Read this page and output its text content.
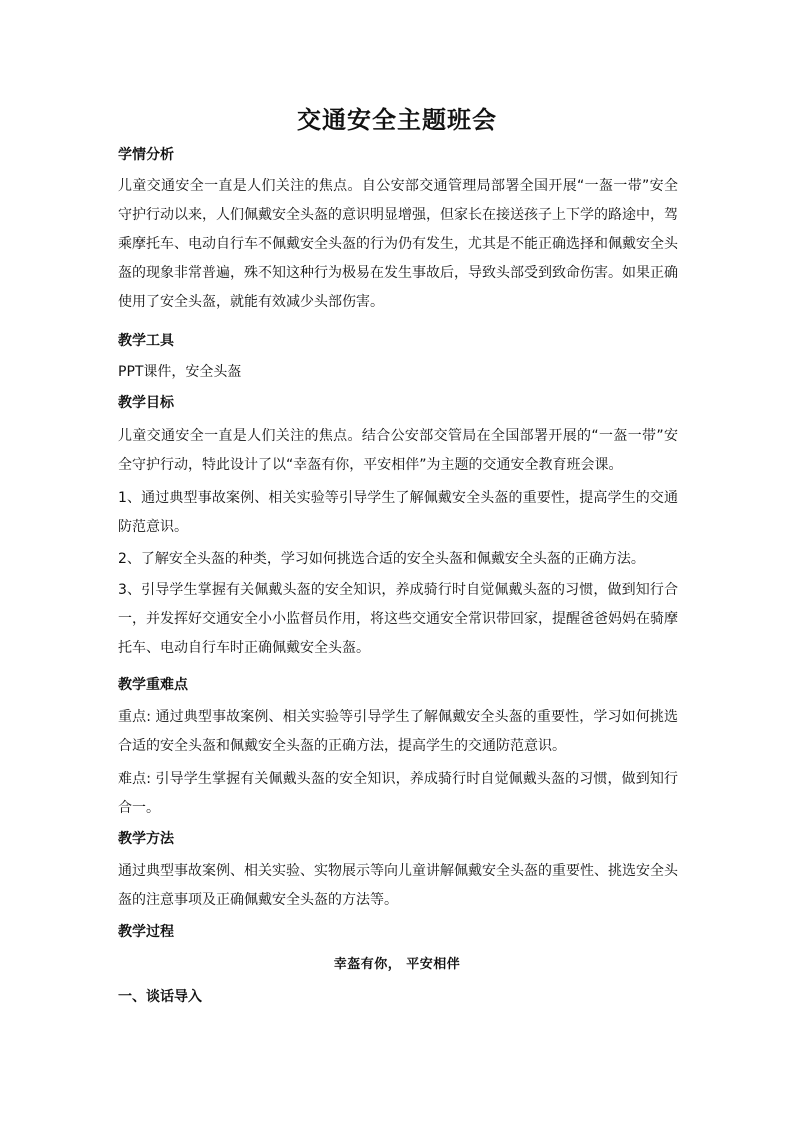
交通安全主题班会
学情分析
儿童交通安全一直是人们关注的焦点。自公安部交通管理局部署全国开展“一盔一带”安全守护行动以来，人们佩戴安全头盔的意识明显增强，但家长在接送孩子上下学的路途中，驾乘摩托车、电动自行车不佩戴安全头盔的行为仍有发生，尤其是不能正确选择和佩戴安全头盔的现象非常普遍，殊不知这种行为极易在发生事故后，导致头部受到致命伤害。如果正确使用了安全头盔，就能有效减少头部伤害。
教学工具
PPT课件，安全头盔
教学目标
儿童交通安全一直是人们关注的焦点。结合公安部交管局在全国部署开展的“一盔一带”安全守护行动，特此设计了以“幸盔有你，平安相伴”为主题的交通安全教育班会课。
1、通过典型事故案例、相关实验等引导学生了解佩戴安全头盔的重要性，提高学生的交通防范意识。
2、了解安全头盔的种类，学习如何挑选合适的安全头盔和佩戴安全头盔的正确方法。
3、引导学生掌握有关佩戴头盔的安全知识，养成骑行时自觉佩戴头盔的习惯，做到知行合一，并发挥好交通安全小小监督员作用，将这些交通安全常识带回家，提醒爸爸妈妈在骑摩托车、电动自行车时正确佩戴安全头盔。
教学重难点
重点: 通过典型事故案例、相关实验等引导学生了解佩戴安全头盔的重要性，学习如何挑选合适的安全头盔和佩戴安全头盔的正确方法，提高学生的交通防范意识。
难点: 引导学生掌握有关佩戴头盔的安全知识，养成骑行时自觉佩戴头盔的习惯，做到知行合一。
教学方法
通过典型事故案例、相关实验、实物展示等向儿童讲解佩戴安全头盔的重要性、挑选安全头盔的注意事项及正确佩戴安全头盔的方法等。
教学过程
幸盔有你， 平安相伴
一、谈话导入
